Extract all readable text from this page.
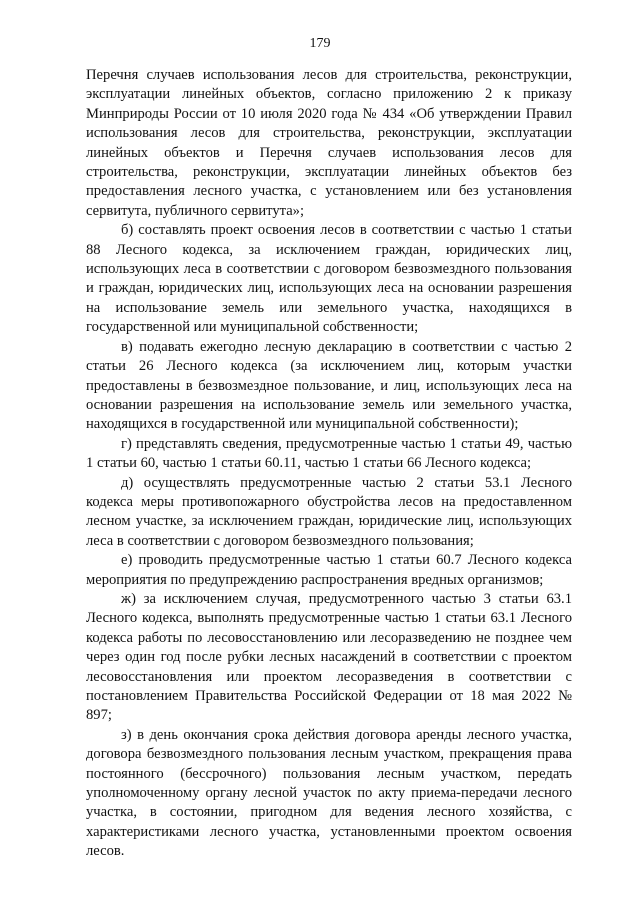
179

Перечня случаев использования лесов для строительства, реконструкции, эксплуатации линейных объектов, согласно приложению 2 к приказу Минприроды России от 10 июля 2020 года № 434 «Об утверждении Правил использования лесов для строительства, реконструкции, эксплуатации линейных объектов и Перечня случаев использования лесов для строительства, реконструкции, эксплуатации линейных объектов без предоставления лесного участка, с установлением или без установления сервитута, публичного сервитута»;

б) составлять проект освоения лесов в соответствии с частью 1 статьи 88 Лесного кодекса, за исключением граждан, юридических лиц, использующих леса в соответствии с договором безвозмездного пользования и граждан, юридических лиц, использующих леса на основании разрешения на использование земель или земельного участка, находящихся в государственной или муниципальной собственности;

в) подавать ежегодно лесную декларацию в соответствии с частью 2 статьи 26 Лесного кодекса (за исключением лиц, которым участки предоставлены в безвозмездное пользование, и лиц, использующих леса на основании разрешения на использование земель или земельного участка, находящихся в государственной или муниципальной собственности);

г) представлять сведения, предусмотренные частью 1 статьи 49, частью 1 статьи 60, частью 1 статьи 60.11, частью 1 статьи 66 Лесного кодекса;

д) осуществлять предусмотренные частью 2 статьи 53.1 Лесного кодекса меры противопожарного обустройства лесов на предоставленном лесном участке, за исключением граждан, юридические лиц, использующих леса в соответствии с договором безвозмездного пользования;

е) проводить предусмотренные частью 1 статьи 60.7 Лесного кодекса мероприятия по предупреждению распространения вредных организмов;

ж) за исключением случая, предусмотренного частью 3 статьи 63.1 Лесного кодекса, выполнять предусмотренные частью 1 статьи 63.1 Лесного кодекса работы по лесовосстановлению или лесоразведению не позднее чем через один год после рубки лесных насаждений в соответствии с проектом лесовосстановления или проектом лесоразведения в соответствии с постановлением Правительства Российской Федерации от 18 мая 2022 № 897;

з) в день окончания срока действия договора аренды лесного участка, договора безвозмездного пользования лесным участком, прекращения права постоянного (бессрочного) пользования лесным участком, передать уполномоченному органу лесной участок по акту приема-передачи лесного участка, в состоянии, пригодном для ведения лесного хозяйства, с характеристиками лесного участка, установленными проектом освоения лесов.
